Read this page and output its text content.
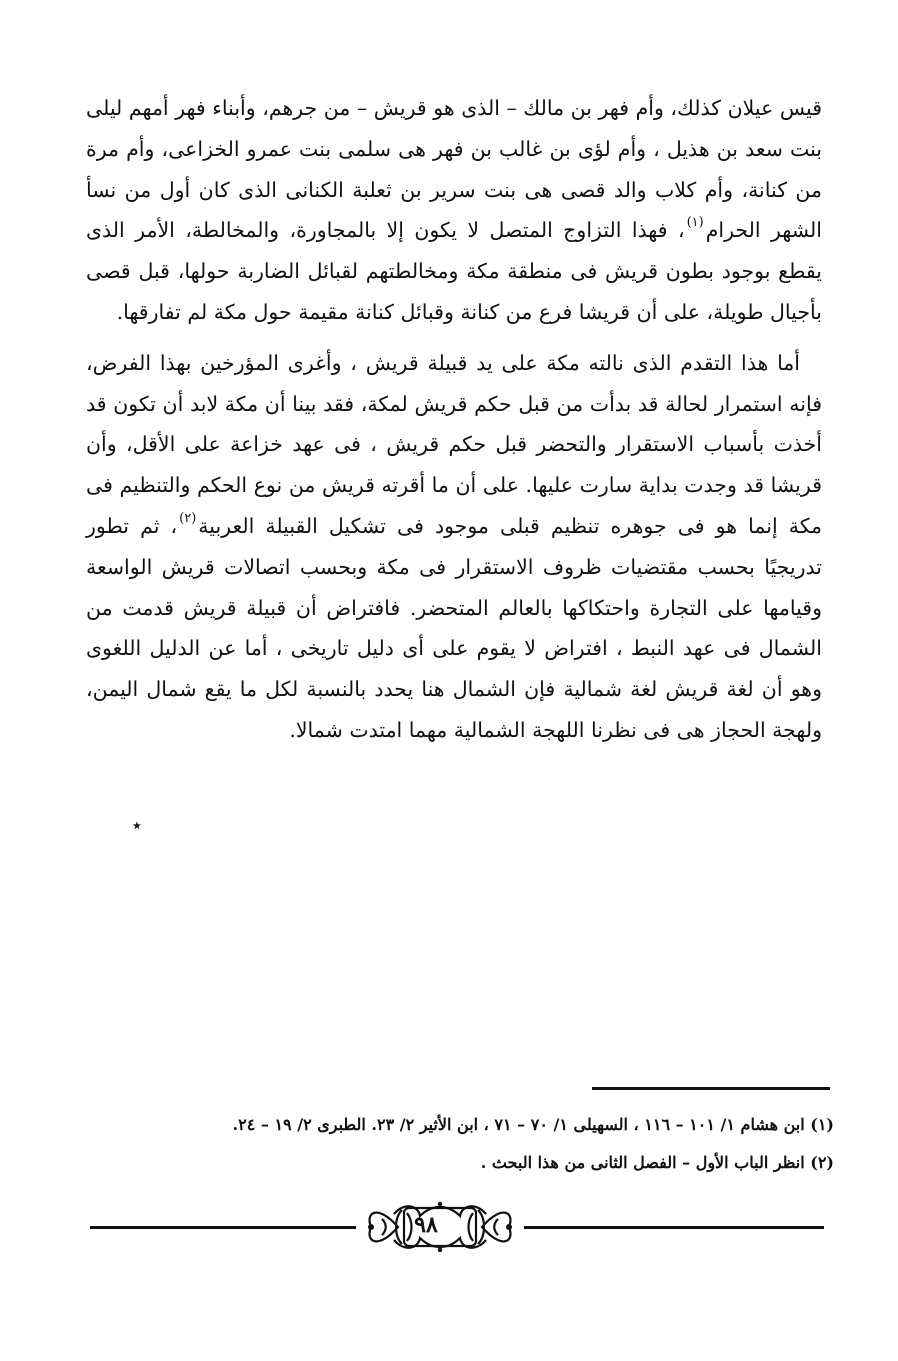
قيس عيلان كذلك، وأم فهر بن مالك – الذى هو قريش – من جرهم، وأبناء فهر أمهم ليلى بنت سعد بن هذيل ، وأم لؤى بن غالب بن فهر هى سلمى بنت عمرو الخزاعى، وأم مرة من كنانة، وأم كلاب والد قصى هى بنت سرير بن ثعلبة الكنانى الذى كان أول من نسأ الشهر الحرام$^{(١)}$، فهذا التزاوج المتصل لا يكون إلا بالمجاورة، والمخالطة، الأمر الذى يقطع بوجود بطون قريش فى منطقة مكة ومخالطتهم لقبائل الضاربة حولها، قبل قصى بأجيال طويلة، على أن قريشا فرع من كنانة وقبائل كنانة مقيمة حول مكة لم تفارقها.

أما هذا التقدم الذى نالته مكة على يد قبيلة قريش ، وأغرى المؤرخين بهذا الفرض، فإنه استمرار لحالة قد بدأت من قبل حكم قريش لمكة، فقد بينا أن مكة لابد أن تكون قد أخذت بأسباب الاستقرار والتحضر قبل حكم قريش ، فى عهد خزاعة على الأقل، وأن قريشا قد وجدت بداية سارت عليها. على أن ما أقرته قريش من نوع الحكم والتنظيم فى مكة إنما هو فى جوهره تنظيم قبلى موجود فى تشكيل القبيلة العربية$^{(٢)}$، ثم تطور تدريجيًا بحسب مقتضيات ظروف الاستقرار فى مكة وبحسب اتصالات قريش الواسعة وقيامها على التجارة واحتكاكها بالعالم المتحضر. فافتراض أن قبيلة قريش قدمت من الشمال فى عهد النبط ، افتراض لا يقوم على أى دليل تاريخى ، أما عن الدليل اللغوى وهو أن لغة قريش لغة شمالية فإن الشمال هنا يحدد بالنسبة لكل ما يقع شمال اليمن، ولهجة الحجاز هى فى نظرنا اللهجة الشمالية مهما امتدت شمالا.

٭

(١) ابن هشام ١/ ١٠١ – ١١٦ ، السهيلى ١/ ٧٠ – ٧١ ، ابن الأثير ٢/ ٢٣. الطبرى ٢/ ١٩ – ٢٤.

(٢) انظر الباب الأول – الفصل الثانى من هذا البحث .

٩٨
